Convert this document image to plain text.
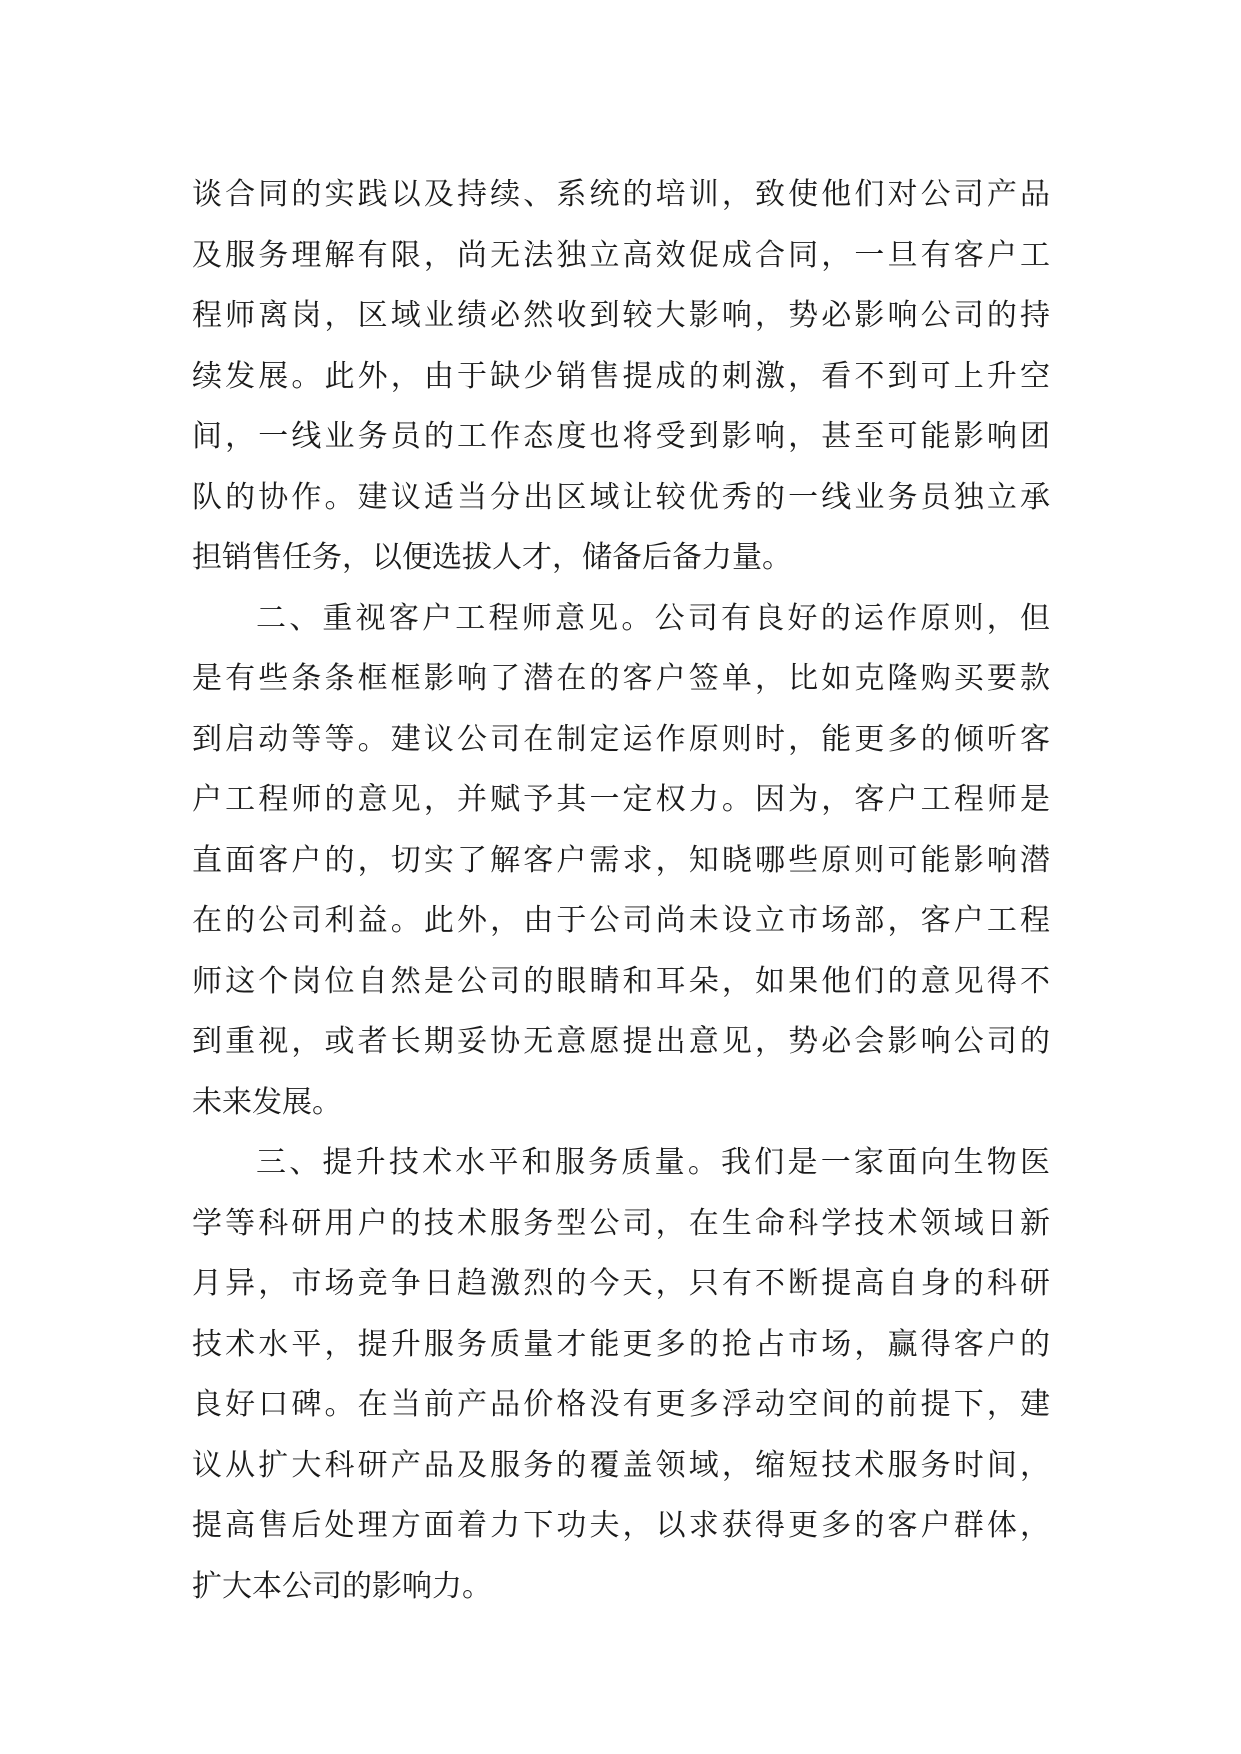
谈合同的实践以及持续、系统的培训，致使他们对公司产品
及服务理解有限，尚无法独立高效促成合同，一旦有客户工
程师离岗，区域业绩必然收到较大影响，势必影响公司的持
续发展。此外，由于缺少销售提成的刺激，看不到可上升空
间，一线业务员的工作态度也将受到影响，甚至可能影响团
队的协作。建议适当分出区域让较优秀的一线业务员独立承
担销售任务，以便选拔人才，储备后备力量。
二、重视客户工程师意见。公司有良好的运作原则，但
是有些条条框框影响了潜在的客户签单，比如克隆购买要款
到启动等等。建议公司在制定运作原则时，能更多的倾听客
户工程师的意见，并赋予其一定权力。因为，客户工程师是
直面客户的，切实了解客户需求，知晓哪些原则可能影响潜
在的公司利益。此外，由于公司尚未设立市场部，客户工程
师这个岗位自然是公司的眼睛和耳朵，如果他们的意见得不
到重视，或者长期妥协无意愿提出意见，势必会影响公司的
未来发展。
三、提升技术水平和服务质量。我们是一家面向生物医
学等科研用户的技术服务型公司，在生命科学技术领域日新
月异，市场竞争日趋激烈的今天，只有不断提高自身的科研
技术水平，提升服务质量才能更多的抢占市场，赢得客户的
良好口碑。在当前产品价格没有更多浮动空间的前提下，建
议从扩大科研产品及服务的覆盖领域，缩短技术服务时间，
提高售后处理方面着力下功夫，以求获得更多的客户群体，
扩大本公司的影响力。
